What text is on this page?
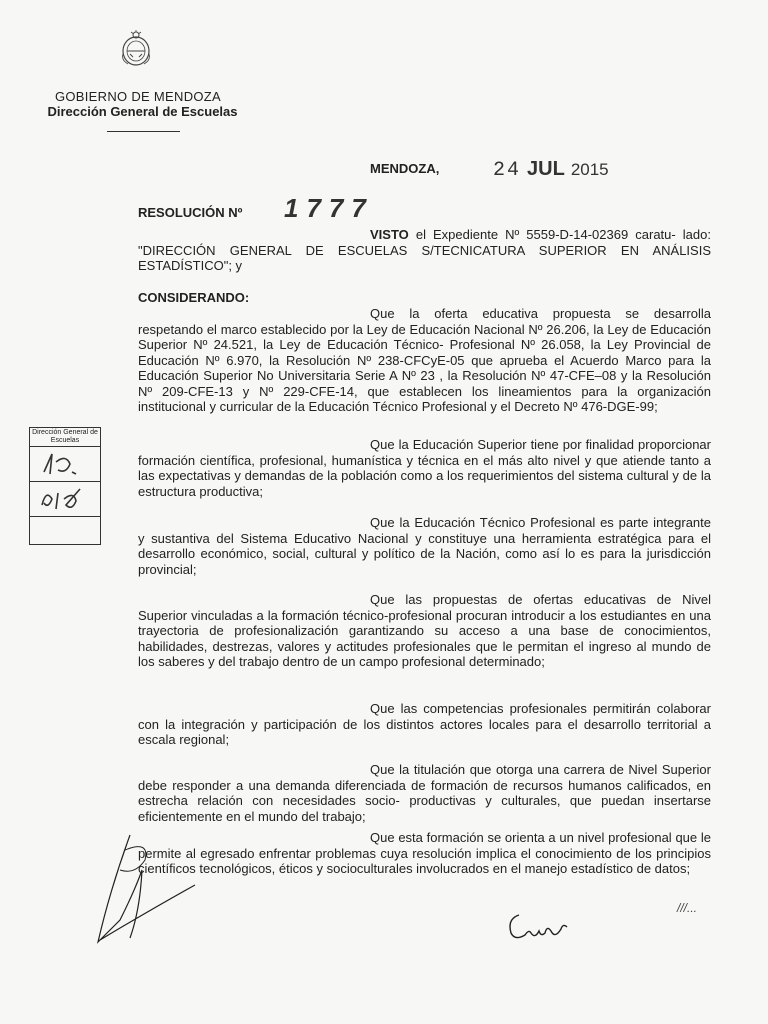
GOBIERNO DE MENDOZA
Dirección General de Escuelas
MENDOZA,	24 JUL 2015
RESOLUCIÓN Nº 1777
VISTO el Expediente Nº 5559-D-14-02369 caratu- lado: "DIRECCIÓN GENERAL DE ESCUELAS S/TECNICATURA SUPERIOR EN ANÁLISIS ESTADÍSTICO"; y
CONSIDERANDO:
Que la oferta educativa propuesta se desarrolla respetando el marco establecido por la Ley de Educación Nacional Nº 26.206, la Ley de Educación Superior Nº 24.521, la Ley de Educación Técnico- Profesional Nº 26.058, la Ley Provincial de Educación Nº 6.970, la Resolución Nº 238-CFCyE-05 que aprueba el Acuerdo Marco para la Educación Superior No Universitaria Serie A Nº 23 , la Resolución Nº 47-CFE–08 y la Resolución Nº 209-CFE-13 y Nº 229-CFE-14, que establecen los lineamientos para la organización institucional y curricular de la Educación Técnico Profesional y el Decreto Nº 476-DGE-99;
Que la Educación Superior tiene por finalidad proporcionar formación científica, profesional, humanística y técnica en el más alto nivel y que atiende tanto a las expectativas y demandas de la población como a los requerimientos del sistema cultural y de la estructura productiva;
Que la Educación Técnico Profesional es parte integrante y sustantiva del Sistema Educativo Nacional y constituye una herramienta estratégica para el desarrollo económico, social, cultural y político de la Nación, como así lo es para la jurisdicción provincial;
Que las propuestas de ofertas educativas de Nivel Superior vinculadas a la formación técnico-profesional procuran introducir a los estudiantes en una trayectoria de profesionalización garantizando su acceso a una base de conocimientos, habilidades, destrezas, valores y actitudes profesionales que le permitan el ingreso al mundo de los saberes y del trabajo dentro de un campo profesional determinado;
Que las competencias profesionales permitirán colaborar con la integración y participación de los distintos actores locales para el desarrollo territorial a escala regional;
Que la titulación que otorga una carrera de Nivel Superior debe responder a una demanda diferenciada de formación de recursos humanos calificados, en estrecha relación con necesidades socio- productivas y culturales, que puedan insertarse eficientemente en el mundo del trabajo;
Que esta formación se orienta a un nivel profesional que le permite al egresado enfrentar problemas cuya resolución implica el conocimiento de los principios científicos tecnológicos, éticos y socioculturales involucrados en el manejo estadístico de datos;
Dirección General de Escuelas
///...
